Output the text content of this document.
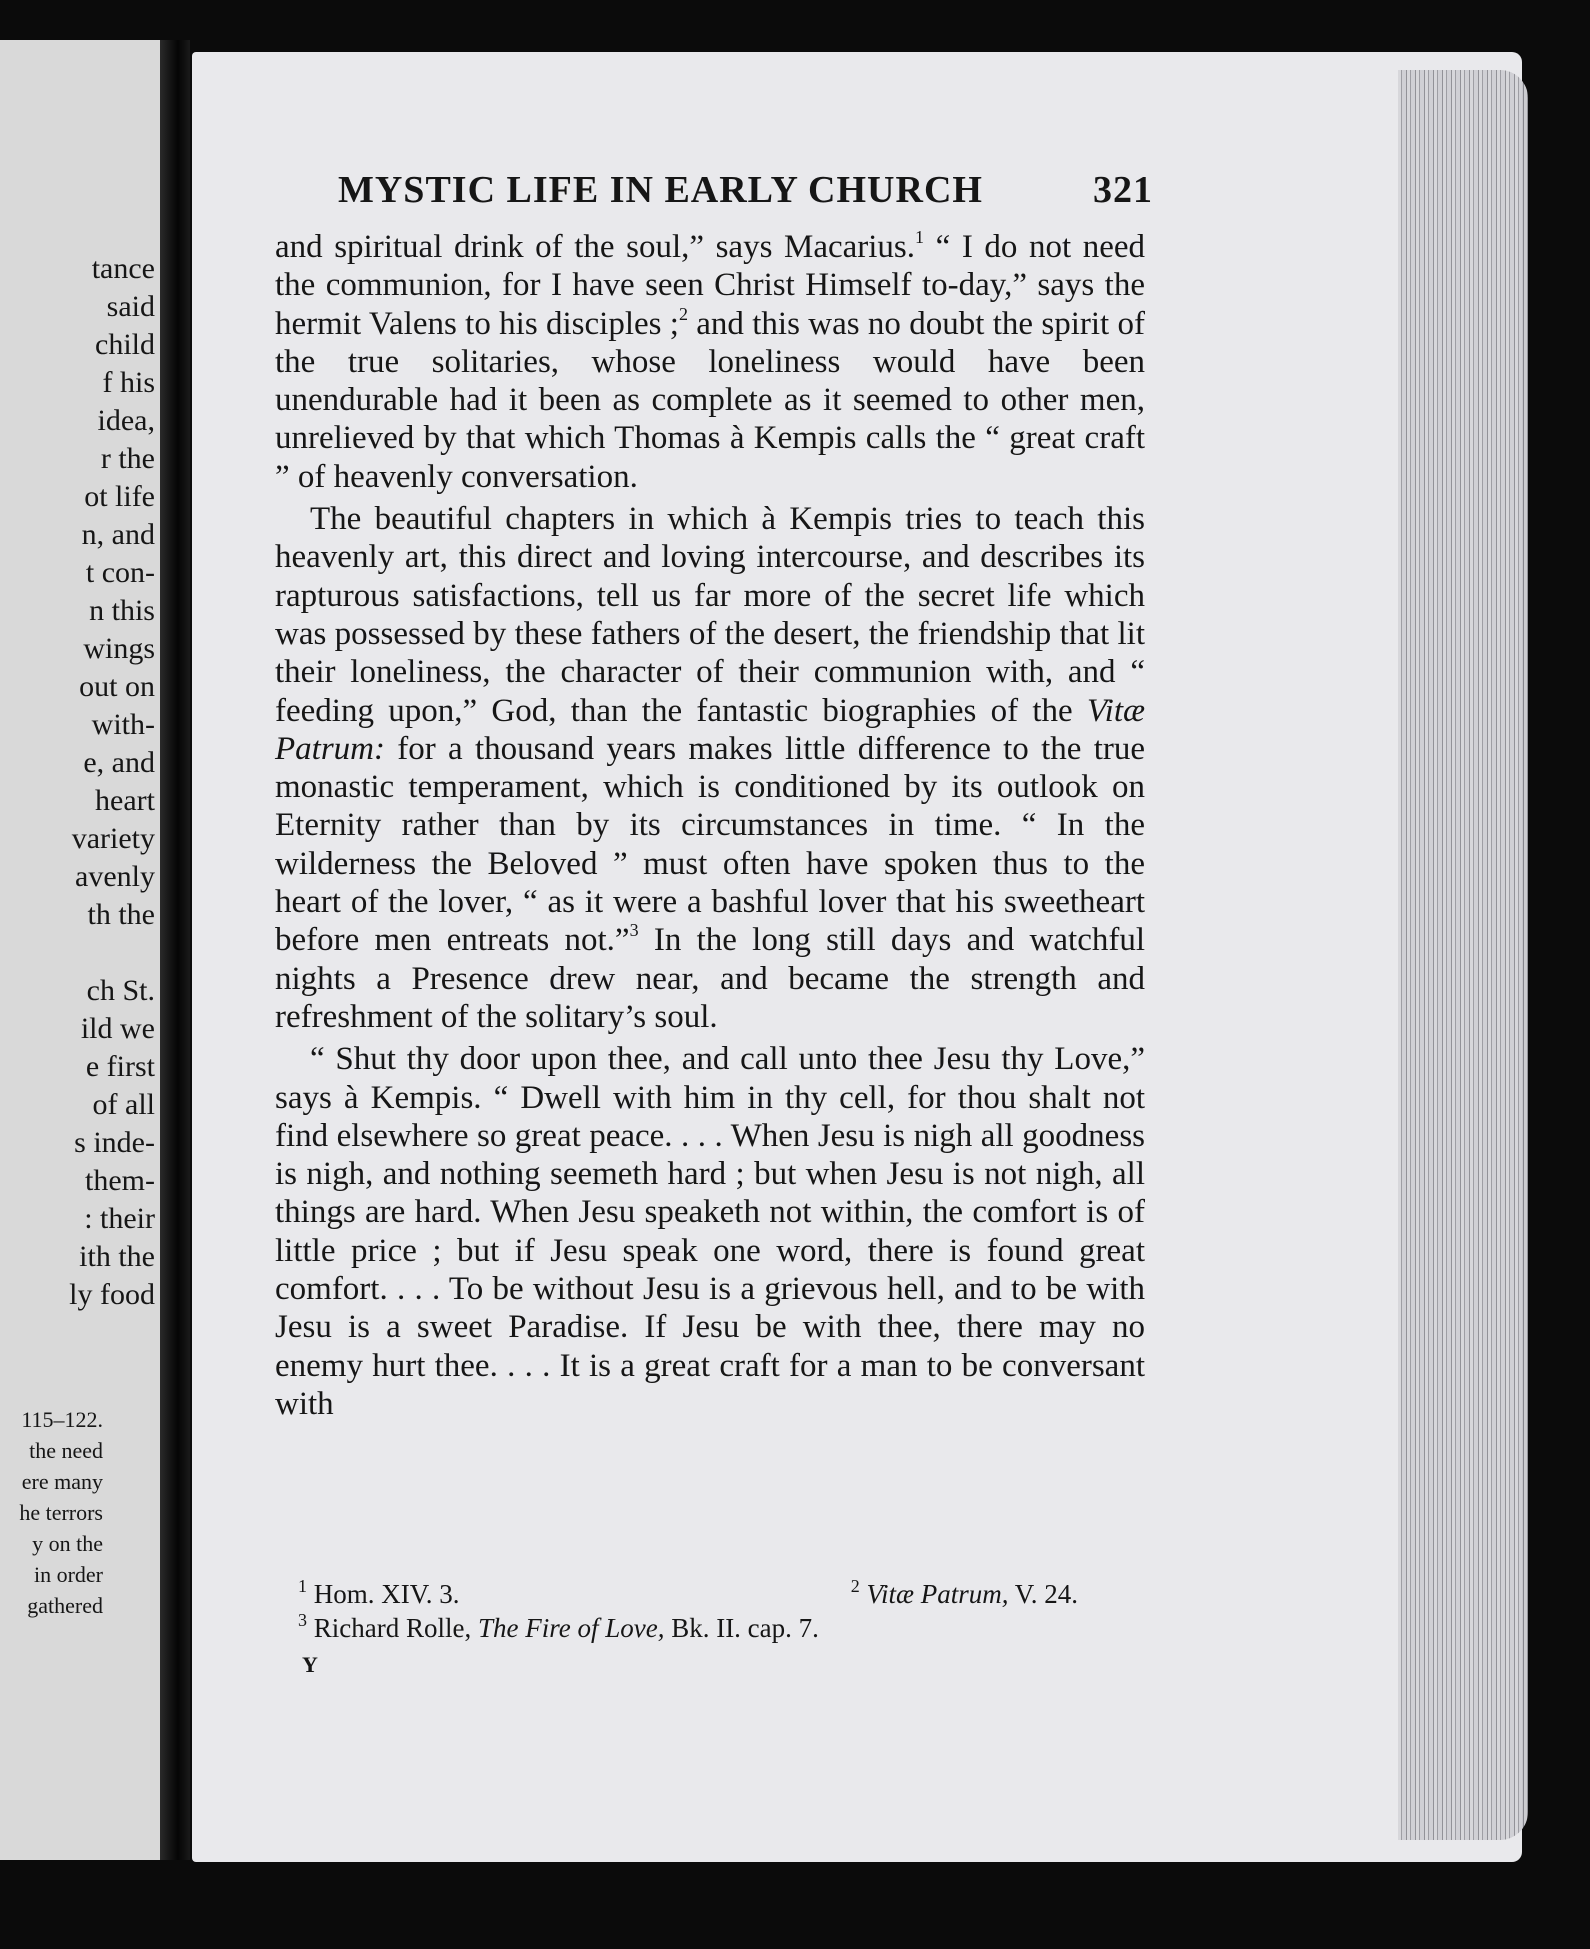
tance
said
child
f his
idea,
r the
ot life
n, and
t con-
n this
wings
out on
with-
e, and
heart
variety
avenly
th the
ch St.
ild we
e first
of all
s inde-
them-
: their
ith the
ly food
115–122.
the need
ere many
he terrors
y on the
in order
gathered
MYSTIC LIFE IN EARLY CHURCH	321

and spiritual drink of the soul,” says Macarius.$^1$ “ I do not need the communion, for I have seen Christ Himself to-day,” says the hermit Valens to his disciples ;$^2$ and this was no doubt the spirit of the true solitaries, whose loneliness would have been unendurable had it been as complete as it seemed to other men, unrelieved by that which Thomas à Kempis calls the “ great craft ” of heavenly conversation.

The beautiful chapters in which à Kempis tries to teach this heavenly art, this direct and loving intercourse, and describes its rapturous satisfactions, tell us far more of the secret life which was possessed by these fathers of the desert, the friendship that lit their loneliness, the character of their communion with, and “ feeding upon,” God, than the fantastic biographies of the Vitæ Patrum: for a thousand years makes little difference to the true monastic temperament, which is conditioned by its outlook on Eternity rather than by its circumstances in time. “ In the wilderness the Beloved ” must often have spoken thus to the heart of the lover, “ as it were a bashful lover that his sweetheart before men entreats not.”$^3$ In the long still days and watchful nights a Presence drew near, and became the strength and refreshment of the solitary’s soul.

“ Shut thy door upon thee, and call unto thee Jesu thy Love,” says à Kempis. “ Dwell with him in thy cell, for thou shalt not find elsewhere so great peace. . . . When Jesu is nigh all goodness is nigh, and nothing seemeth hard ; but when Jesu is not nigh, all things are hard. When Jesu speaketh not within, the comfort is of little price ; but if Jesu speak one word, there is found great comfort. . . . To be without Jesu is a grievous hell, and to be with Jesu is a sweet Paradise. If Jesu be with thee, there may no enemy hurt thee. . . . It is a great craft for a man to be conversant with

$^1$ Hom. XIV. 3.	$^2$ Vitæ Patrum, V. 24.
$^3$ Richard Rolle, The Fire of Love, Bk. II. cap. 7.
Y
